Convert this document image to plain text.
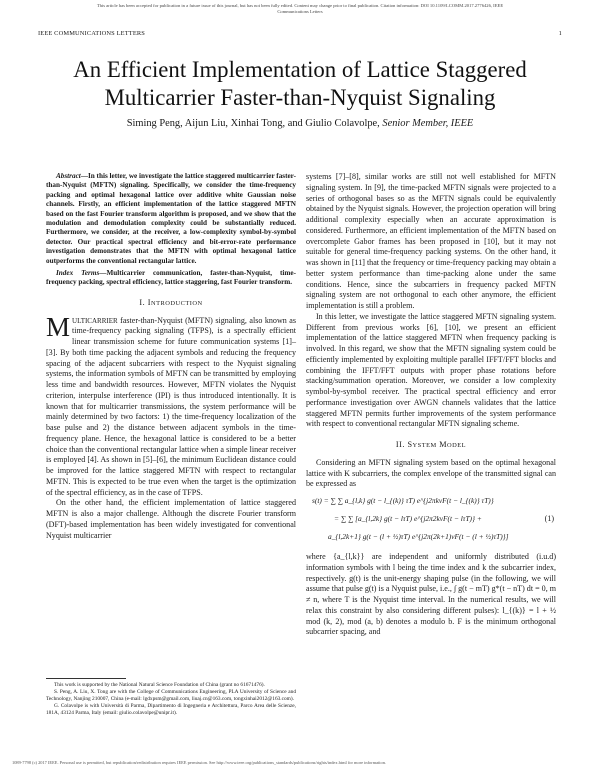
This article has been accepted for publication in a future issue of this journal, but has not been fully edited. Content may change prior to final publication. Citation information: DOI 10.1109/LCOMM.2017.2776426, IEEE
Communications Letters
IEEE COMMUNICATIONS LETTERS	1
An Efficient Implementation of Lattice Staggered
Multicarrier Faster-than-Nyquist Signaling
Siming Peng, Aijun Liu, Xinhai Tong, and Giulio Colavolpe, Senior Member, IEEE
Abstract—In this letter, we investigate the lattice staggered multicarrier faster-than-Nyquist (MFTN) signaling. Specifically, we consider the time-frequency packing and optimal hexagonal lattice over additive white Gaussian noise channels. Firstly, an efficient implementation of the lattice staggered MFTN based on the fast Fourier transform algorithm is proposed, and we show that the modulation and demodulation complexity could be substantially reduced. Furthermore, we consider, at the receiver, a low-complexity symbol-by-symbol detector. Our practical spectral efficiency and bit-error-rate performance investigation demonstrates that the MFTN with optimal hexagonal lattice outperforms the conventional rectangular lattice.
Index Terms—Multicarrier communication, faster-than-Nyquist, time-frequency packing, spectral efficiency, lattice staggering, fast Fourier transform.
I. INTRODUCTION

MULTICARRIER faster-than-Nyquist (MFTN) signaling, also known as time-frequency packing signaling (TFPS), is a spectrally efficient linear transmission scheme for future communication systems [1]–[3]. By both time packing the adjacent symbols and reducing the frequency spacing of the adjacent subcarriers with respect to the Nyquist signaling systems, the information symbols of MFTN can be transmitted by employing less time and bandwidth resources. However, MFTN violates the Nyquist criterion, interpulse interference (IPI) is thus introduced intentionally. It is known that for multicarrier transmissions, the system performance will be mainly determined by two factors: 1) the time-frequency localization of the base pulse and 2) the distance between adjacent symbols in the time-frequency plane. Hence, the hexagonal lattice is considered to be a better choice than the conventional rectangular lattice when a simple linear receiver is employed [4]. As shown in [5]–[6], the minimum Euclidean distance could be improved for the lattice staggered MFTN with respect to rectangular MFTN. This is expected to be true even when the target is the optimization of the spectral efficiency, as in the case of TFPS.

On the other hand, the efficient implementation of lattice staggered MFTN is also a major challenge. Although the discrete Fourier transform (DFT)-based implementation has been widely investigated for conventional Nyquist multicarrier

systems [7]–[8], similar works are still not well established for MFTN signaling system. In [9], the time-packed MFTN signals were projected to a series of orthogonal bases so as the MFTN signals could be equivalently obtained by the Nyquist signals. However, the projection operation will bring additional complexity especially when an accurate approximation is considered. Furthermore, an efficient implementation of the MFTN based on overcomplete Gabor frames has been proposed in [10], but it may not suitable for general time-frequency packing systems. On the other hand, it was shown in [11] that the frequency or time-frequency packing may obtain a better system performance than time-packing alone under the same conditions. Hence, since the subcarriers in frequency packed MFTN signaling system are not orthogonal to each other anymore, the efficient implementation is still a problem.

In this letter, we investigate the lattice staggered MFTN signaling system. Different from previous works [6], [10], we present an efficient implementation of the lattice staggered MFTN when frequency packing is involved. In this regard, we show that the MFTN signaling system could be efficiently implemented by exploiting multiple parallel IFFT/FFT blocks and combining the IFFT/FFT outputs with proper phase rotations before stacking/summation operation. Moreover, we consider a low complexity symbol-by-symbol receiver. The practical spectral efficiency and error performance investigation over AWGN channels validates that the lattice staggered MFTN permits further improvements of the system performance with respect to conventional rectangular MFTN signaling scheme.

II. SYSTEM MODEL

Considering an MFTN signaling system based on the optimal hexagonal lattice with K subcarriers, the complex envelope of the transmitted signal can be expressed as

s(t) = ∑ ∑ a_{l,k} g(t − l_{(k)} τT) e^{j2πkνF(t − l_{(k)} τT)}
= ∑ ∑ [a_{l,2k} g(t − lτT) e^{j2π2kνF(t − lτT)} +
a_{l,2k+1} g(t − (l + ½)τT) e^{j2π(2k+1)νF(t − (l + ½)τT)}]
(1)

where {a_{l,k}} are independent and uniformly distributed (i.u.d) information symbols with l being the time index and k the subcarrier index, respectively. g(t) is the unit-energy shaping pulse (in the following, we will assume that pulse g(t) is a Nyquist pulse, i.e., ∫ g(t − mT) g*(t − nT) dt = 0, m ≠ n, where T is the Nyquist time interval. In the numerical results, we will relax this constraint by also considering different pulses): l_{(k)} = l + ½ mod (k, 2), mod (a, b) denotes a modulo b. F is the minimum orthogonal subcarrier spacing, and

This work is supported by the National Natural Science Foundation of China (grant no 61671476).

S. Peng, A. Liu, X. Tong are with the College of Communications Engineering, PLA University of Science and Technology, Nanjing 210007, China (e-mail: lgdxpsm@gmail.com, liuaj.cn@163.com, tongxinhai2012@163.com).

G. Colavolpe is with Università di Parma, Dipartimento di Ingegneria e Architettura, Parco Area delle Scienze, 181A, 43124 Parma, Italy (email: giulio.colavolpe@unipr.it).

1089-7798 (c) 2017 IEEE. Personal use is permitted, but republication/redistribution requires IEEE permission. See http://www.ieee.org/publications_standards/publications/rights/index.html for more information.
